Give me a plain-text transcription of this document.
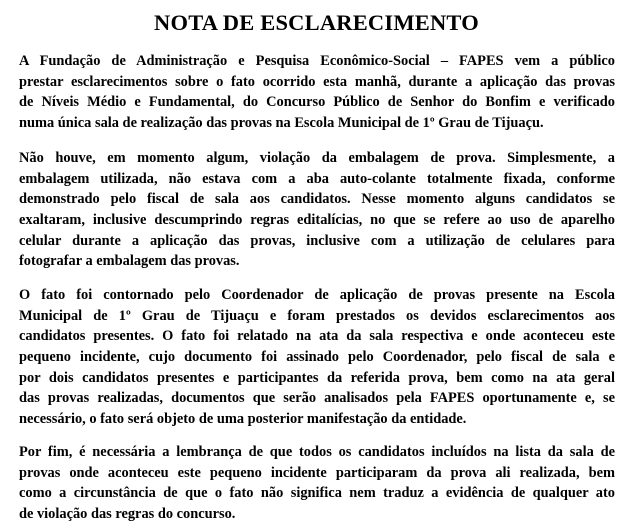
NOTA DE ESCLARECIMENTO
A Fundação de Administração e Pesquisa Econômico-Social – FAPES vem a público
prestar esclarecimentos sobre o fato ocorrido esta manhã, durante a aplicação das provas
de Níveis Médio e Fundamental, do Concurso Público de Senhor do Bonfim e verificado
numa única sala de realização das provas na Escola Municipal de 1º Grau de Tijuaçu.
Não houve, em momento algum, violação da embalagem de prova. Simplesmente, a
embalagem utilizada, não estava com a aba auto-colante totalmente fixada, conforme
demonstrado pelo fiscal de sala aos candidatos. Nesse momento alguns candidatos se
exaltaram, inclusive descumprindo regras editalícias, no que se refere ao uso de aparelho
celular durante a aplicação das provas, inclusive com a utilização de celulares para
fotografar a embalagem das provas.
O fato foi contornado pelo Coordenador de aplicação de provas presente na Escola
Municipal de 1º Grau de Tijuaçu e foram prestados os devidos esclarecimentos aos
candidatos presentes. O fato foi relatado na ata da sala respectiva e onde aconteceu este
pequeno incidente, cujo documento foi assinado pelo Coordenador, pelo fiscal de sala e
por dois candidatos presentes e participantes da referida prova, bem como na ata geral
das provas realizadas, documentos que serão analisados pela FAPES oportunamente e, se
necessário, o fato será objeto de uma posterior manifestação da entidade.
Por fim, é necessária a lembrança de que todos os candidatos incluídos na lista da sala de
provas onde aconteceu este pequeno incidente participaram da prova ali realizada, bem
como a circunstância de que o fato não significa nem traduz a evidência de qualquer ato
de violação das regras do concurso.
